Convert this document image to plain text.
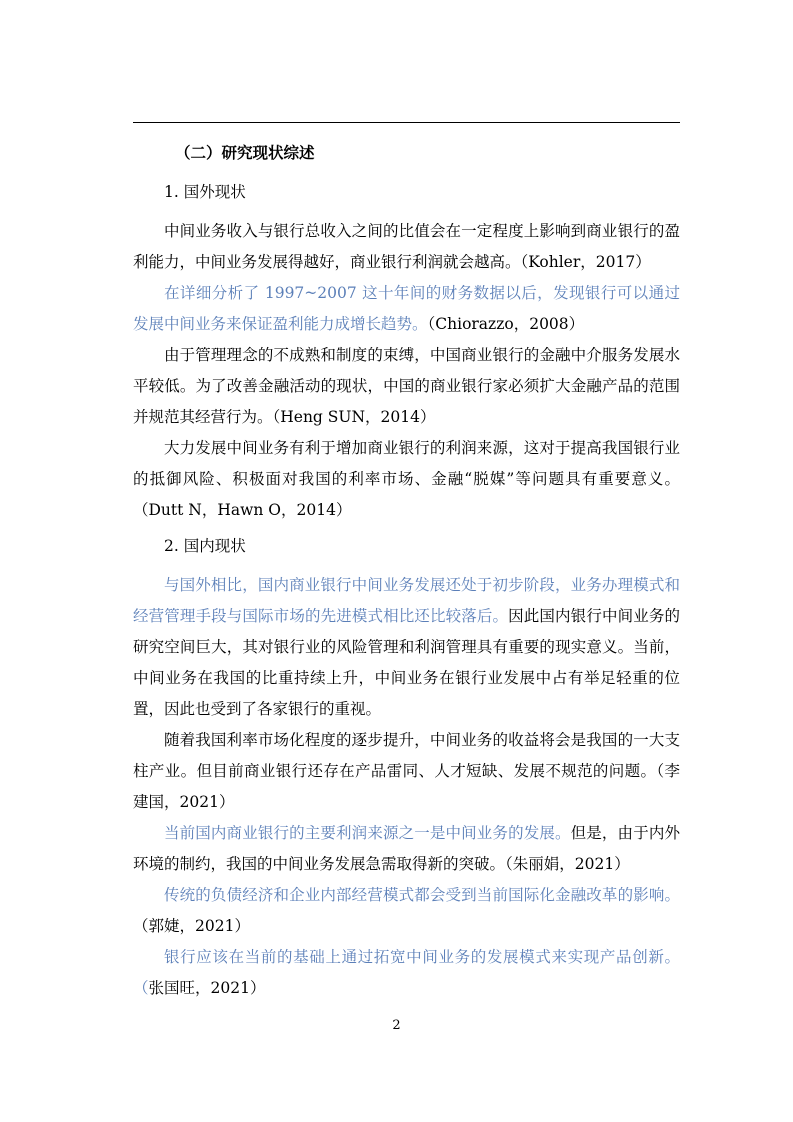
（二）研究现状综述

1. 国外现状

中间业务收入与银行总收入之间的比值会在一定程度上影响到商业银行的盈利能力，中间业务发展得越好，商业银行利润就会越高。（Kohler，2017）

在详细分析了 1997~2007 这十年间的财务数据以后，发现银行可以通过发展中间业务来保证盈利能力成增长趋势。（Chiorazzo，2008）

由于管理理念的不成熟和制度的束缚，中国商业银行的金融中介服务发展水平较低。为了改善金融活动的现状，中国的商业银行家必须扩大金融产品的范围并规范其经营行为。（Heng SUN，2014）

大力发展中间业务有利于增加商业银行的利润来源，这对于提高我国银行业的抵御风险、积极面对我国的利率市场、金融“脱媒”等问题具有重要意义。（Dutt N，Hawn O，2014）

2. 国内现状

与国外相比，国内商业银行中间业务发展还处于初步阶段，业务办理模式和经营管理手段与国际市场的先进模式相比还比较落后。因此国内银行中间业务的研究空间巨大，其对银行业的风险管理和利润管理具有重要的现实意义。当前，中间业务在我国的比重持续上升，中间业务在银行业发展中占有举足轻重的位置，因此也受到了各家银行的重视。

随着我国利率市场化程度的逐步提升，中间业务的收益将会是我国的一大支柱产业。但目前商业银行还存在产品雷同、人才短缺、发展不规范的问题。（李建国，2021）

当前国内商业银行的主要利润来源之一是中间业务的发展。但是，由于内外环境的制约，我国的中间业务发展急需取得新的突破。（朱丽娟，2021）

传统的负债经济和企业内部经营模式都会受到当前国际化金融改革的影响。（郭婕，2021）

银行应该在当前的基础上通过拓宽中间业务的发展模式来实现产品创新。（张国旺，2021）

2
